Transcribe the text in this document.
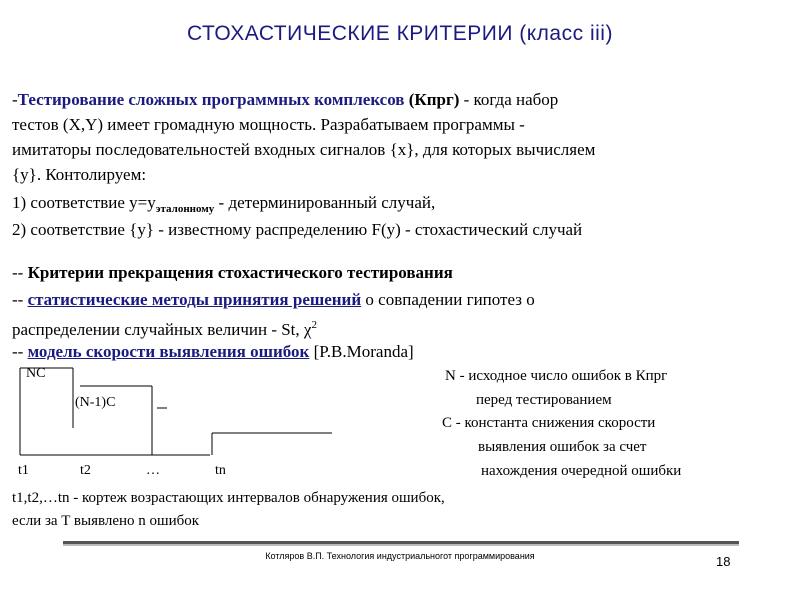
СТОХАСТИЧЕСКИЕ КРИТЕРИИ (класс iii)
-Тестирование сложных программных комплексов (Кпрг) - когда набор
тестов (X,Y) имеет громадную мощность. Разрабатываем программы -
имитаторы последовательностей входных сигналов {x}, для которых вычисляем
{y}. Контолируем:
1) соответствие $y=y_{эталонному}$ - детерминированный случай,
2) соответствие {y} - известному распределению F(y) - стохастический случай
-- Критерии прекращения стохастического тестирования
-- статистические методы принятия решений о совпадении гипотез о
распределении случайных величин - St, $\chi^2$
-- модель скорости выявления ошибок [P.B.Moranda]
NC
(N-1)C
t1	t2	…	tn
N - исходное число ошибок в Кпрг
перед тестированием
С - константа снижения скорости
выявления ошибок за счет
нахождения очередной ошибки
t1,t2,…tn - кортеж возрастающих интервалов обнаружения ошибок,
если за T выявлено n ошибок
Котляров В.П. Технология индустриальногот программирования	18
